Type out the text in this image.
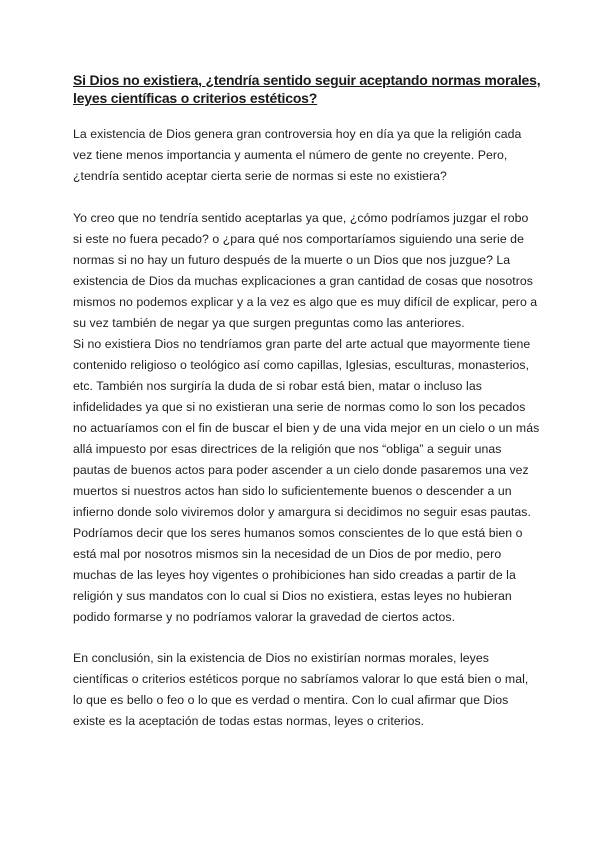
Si Dios no existiera, ¿tendría sentido seguir aceptando normas morales,
leyes científicas o criterios estéticos?

La existencia de Dios genera gran controversia hoy en día ya que la religión cada
vez tiene menos importancia y aumenta el número de gente no creyente. Pero,
¿tendría sentido aceptar cierta serie de normas si este no existiera?

Yo creo que no tendría sentido aceptarlas ya que, ¿cómo podríamos juzgar el robo
si este no fuera pecado? o ¿para qué nos comportaríamos siguiendo una serie de
normas si no hay un futuro después de la muerte o un Dios que nos juzgue? La
existencia de Dios da muchas explicaciones a gran cantidad de cosas que nosotros
mismos no podemos explicar y a la vez es algo que es muy difícil de explicar, pero a
su vez también de negar ya que surgen preguntas como las anteriores.
Si no existiera Dios no tendríamos gran parte del arte actual que mayormente tiene
contenido religioso o teológico así como capillas, Iglesias, esculturas, monasterios,
etc. También nos surgiría la duda de si robar está bien, matar o incluso las
infidelidades ya que si no existieran una serie de normas como lo son los pecados
no actuaríamos con el fin de buscar el bien y de una vida mejor en un cielo o un más
allá impuesto por esas directrices de la religión que nos “obliga” a seguir unas
pautas de buenos actos para poder ascender a un cielo donde pasaremos una vez
muertos si nuestros actos han sido lo suficientemente buenos o descender a un
infierno donde solo viviremos dolor y amargura si decidimos no seguir esas pautas.
Podríamos decir que los seres humanos somos conscientes de lo que está bien o
está mal por nosotros mismos sin la necesidad de un Dios de por medio, pero
muchas de las leyes hoy vigentes o prohibiciones han sido creadas a partir de la
religión y sus mandatos con lo cual si Dios no existiera, estas leyes no hubieran
podido formarse y no podríamos valorar la gravedad de ciertos actos.

En conclusión, sin la existencia de Dios no existirían normas morales, leyes
científicas o criterios estéticos porque no sabríamos valorar lo que está bien o mal,
lo que es bello o feo o lo que es verdad o mentira. Con lo cual afirmar que Dios
existe es la aceptación de todas estas normas, leyes o criterios.
